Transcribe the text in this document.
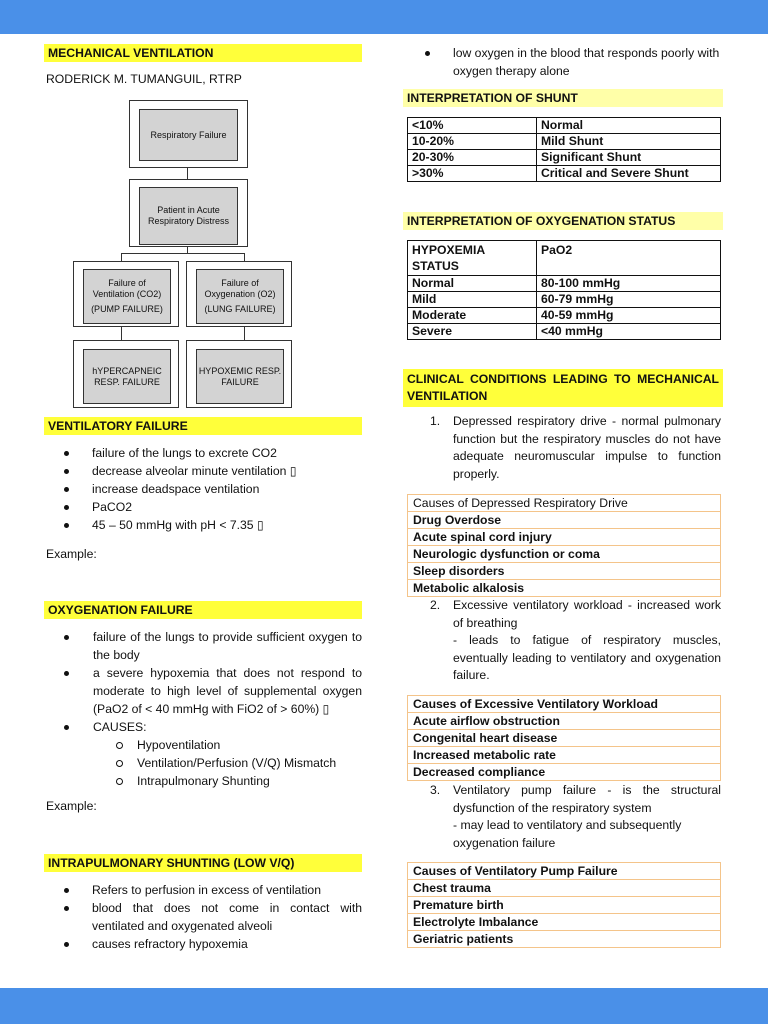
MECHANICAL VENTILATION
RODERICK M. TUMANGUIL, RTRP
Respiratory Failure
Patient in Acute Respiratory Distress
Failure of Ventilation (CO2)
(PUMP FAILURE)
Failure of Oxygenation (O2)
(LUNG FAILURE)
hYPERCAPNEIC RESP. FAILURE
HYPOXEMIC RESP. FAILURE
VENTILATORY FAILURE
failure of the lungs to excrete CO2
decrease alveolar minute ventilation ▯
increase deadspace ventilation
PaCO2
45 – 50 mmHg with pH < 7.35 ▯
Example:
OXYGENATION FAILURE
failure of the lungs to provide sufficient oxygen to the body
a severe hypoxemia that does not respond to moderate to high level of supplemental oxygen (PaO2 of < 40 mmHg with FiO2 of > 60%) ▯
CAUSES:
Hypoventilation
Ventilation/Perfusion (V/Q) Mismatch
Intrapulmonary Shunting
Example:
INTRAPULMONARY SHUNTING (LOW V/Q)
Refers to perfusion in excess of ventilation
blood that does not come in contact with ventilated and oxygenated alveoli
causes refractory hypoxemia
low oxygen in the blood that responds poorly with oxygen therapy alone
INTERPRETATION OF SHUNT
<10%	Normal
10-20%	Mild Shunt
20-30%	Significant Shunt
>30%	Critical and Severe Shunt
INTERPRETATION OF OXYGENATION STATUS
HYPOXEMIA STATUS	PaO2
Normal	80-100 mmHg
Mild	60-79 mmHg
Moderate	40-59 mmHg
Severe	<40 mmHg
CLINICAL CONDITIONS LEADING TO MECHANICAL VENTILATION
1. Depressed respiratory drive - normal pulmonary function but the respiratory muscles do not have adequate neuromuscular impulse to function properly.
Causes of Depressed Respiratory Drive
Drug Overdose
Acute spinal cord injury
Neurologic dysfunction or coma
Sleep disorders
Metabolic alkalosis
2. Excessive ventilatory workload - increased work of breathing
- leads to fatigue of respiratory muscles, eventually leading to ventilatory and oxygenation failure.
Causes of Excessive Ventilatory Workload
Acute airflow obstruction
Congenital heart disease
Increased metabolic rate
Decreased compliance
3. Ventilatory pump failure - is the structural dysfunction of the respiratory system
- may lead to ventilatory and subsequently oxygenation failure
Causes of Ventilatory Pump Failure
Chest trauma
Premature birth
Electrolyte Imbalance
Geriatric patients
